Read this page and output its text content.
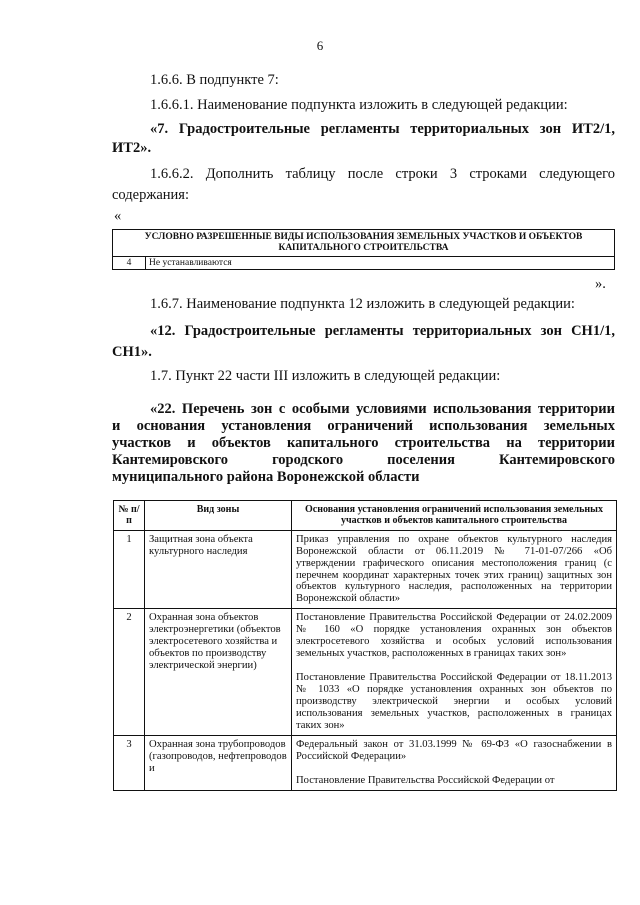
6
1.6.6. В подпункте 7:
1.6.6.1. Наименование подпункта изложить в следующей редакции:
«7. Градостроительные регламенты территориальных зон ИТ2/1,
ИТ2».
1.6.6.2. Дополнить таблицу после строки 3 строками следующего
содержания:
«
УСЛОВНО РАЗРЕШЕННЫЕ ВИДЫ ИСПОЛЬЗОВАНИЯ ЗЕМЕЛЬНЫХ УЧАСТКОВ И ОБЪЕКТОВ КАПИТАЛЬНОГО СТРОИТЕЛЬСТВА
4	Не устанавливаются
».
1.6.7. Наименование подпункта 12 изложить в следующей редакции:
«12. Градостроительные регламенты территориальных зон СН1/1,
СН1».
1.7. Пункт 22 части III изложить в следующей редакции:
«22. Перечень зон с особыми условиями использования территории
и основания установления ограничений использования земельных
участков и объектов капитального строительства на территории
Кантемировского городского поселения Кантемировского
муниципального района Воронежской области
№ п/п	Вид зоны	Основания установления ограничений использования земельных участков и объектов капитального строительства
1	Защитная зона объекта культурного наследия	Приказ управления по охране объектов культурного наследия Воронежской области от 06.11.2019 № 71-01-07/266 «Об утверждении графического описания местоположения границ (с перечнем координат характерных точек этих границ) защитных зон объектов культурного наследия, расположенных на территории Воронежской области»

2	Охранная зона объектов электроэнергетики (объектов электросетевого хозяйства и объектов по производству электрической энергии)	Постановление Правительства Российской Федерации от 24.02.2009 № 160 «О порядке установления охранных зон объектов электросетевого хозяйства и особых условий использования земельных участков, расположенных в границах таких зон»

Постановление Правительства Российской Федерации от 18.11.2013 № 1033 «О порядке установления охранных зон объектов по производству электрической энергии и особых условий использования земельных участков, расположенных в границах таких зон»

3	Охранная зона трубопроводов (газопроводов, нефтепроводов и	Федеральный закон от 31.03.1999 № 69-ФЗ «О газоснабжении в Российской Федерации»

Постановление Правительства Российской Федерации от
